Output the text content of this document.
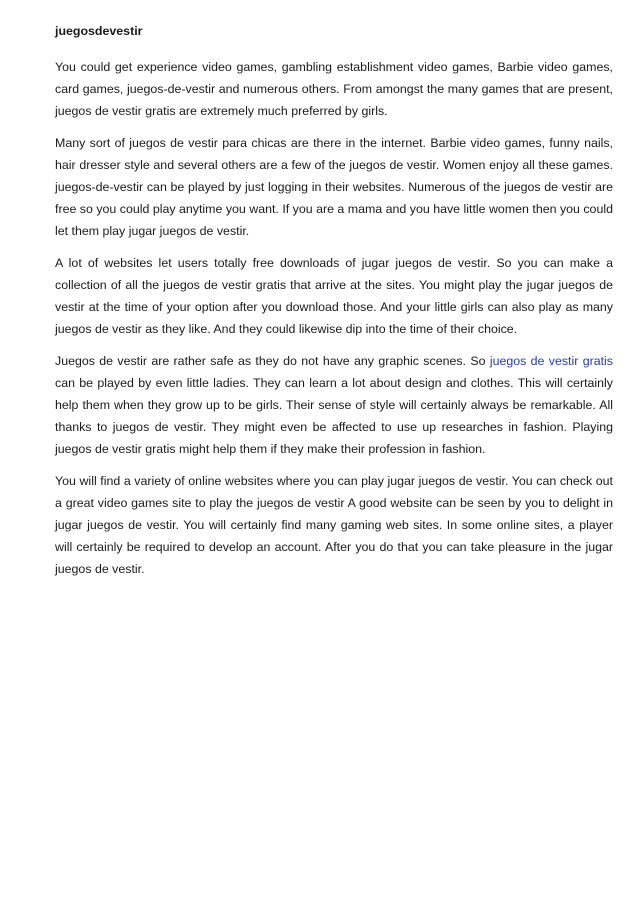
juegosdevestir

You could get experience video games, gambling establishment video games, Barbie video games, card games, juegos-de-vestir and numerous others. From amongst the many games that are present, juegos de vestir gratis are extremely much preferred by girls.

Many sort of juegos de vestir para chicas are there in the internet. Barbie video games, funny nails, hair dresser style and several others are a few of the juegos de vestir. Women enjoy all these games. juegos-de-vestir can be played by just logging in their websites. Numerous of the juegos de vestir are free so you could play anytime you want. If you are a mama and you have little women then you could let them play jugar juegos de vestir.

A lot of websites let users totally free downloads of jugar juegos de vestir. So you can make a collection of all the juegos de vestir gratis that arrive at the sites. You might play the jugar juegos de vestir at the time of your option after you download those. And your little girls can also play as many juegos de vestir as they like. And they could likewise dip into the time of their choice.

Juegos de vestir are rather safe as they do not have any graphic scenes. So juegos de vestir gratis can be played by even little ladies. They can learn a lot about design and clothes. This will certainly help them when they grow up to be girls. Their sense of style will certainly always be remarkable. All thanks to juegos de vestir. They might even be affected to use up researches in fashion. Playing juegos de vestir gratis might help them if they make their profession in fashion.

You will find a variety of online websites where you can play jugar juegos de vestir. You can check out a great video games site to play the juegos de vestir A good website can be seen by you to delight in jugar juegos de vestir. You will certainly find many gaming web sites. In some online sites, a player will certainly be required to develop an account. After you do that you can take pleasure in the jugar juegos de vestir.
